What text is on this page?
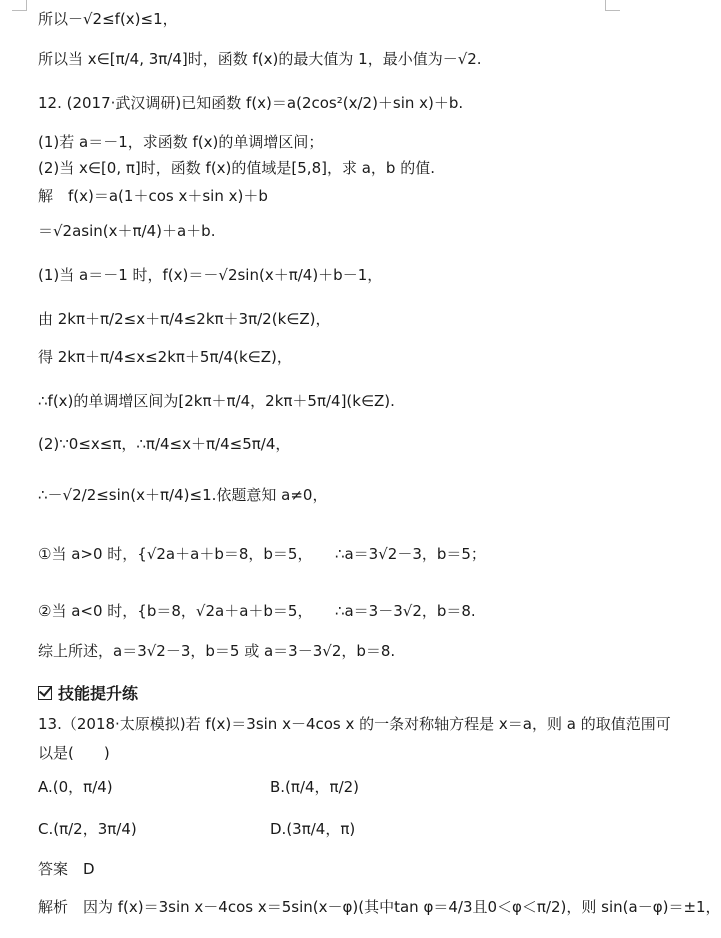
所以－√2≤f(x)≤1，
所以当 x∈[π/4, 3π/4]时，函数 f(x)的最大值为 1，最小值为－√2.
12. (2017·武汉调研)已知函数 f(x)＝a(2cos²(x/2)＋sin x)＋b.
(1)若 a＝－1，求函数 f(x)的单调增区间；
(2)当 x∈[0, π]时，函数 f(x)的值域是[5,8]，求 a，b 的值.
解　f(x)＝a(1＋cos x＋sin x)＋b
＝√2asin(x＋π/4)＋a＋b.
(1)当 a＝－1 时，f(x)＝－√2sin(x＋π/4)＋b－1，
由 2kπ＋π/2≤x＋π/4≤2kπ＋3π/2(k∈Z)，
得 2kπ＋π/4≤x≤2kπ＋5π/4(k∈Z)，
∴f(x)的单调增区间为[2kπ＋π/4，2kπ＋5π/4](k∈Z).
(2)∵0≤x≤π，∴π/4≤x＋π/4≤5π/4，
∴－√2/2≤sin(x＋π/4)≤1.依题意知 a≠0，
①当 a>0 时，{√2a＋a＋b＝8，b＝5，　　∴a＝3√2－3，b＝5；
②当 a<0 时，{b＝8，√2a＋a＋b＝5，　　∴a＝3－3√2，b＝8.
综上所述，a＝3√2－3，b＝5 或 a＝3－3√2，b＝8.
13.（2018·太原模拟)若 f(x)＝3sin x－4cos x 的一条对称轴方程是 x＝a，则 a 的取值范围可
以是(　　)
答案　D
解析　因为 f(x)＝3sin x－4cos x＝5sin(x－φ)(其中tan φ＝4/3且0＜φ＜π/2)，则 sin(a－φ)＝±1，
A.(0，π/4)	B.(π/4，π/2)
C.(π/2，3π/4)	D.(3π/4，π)
技能提升练
